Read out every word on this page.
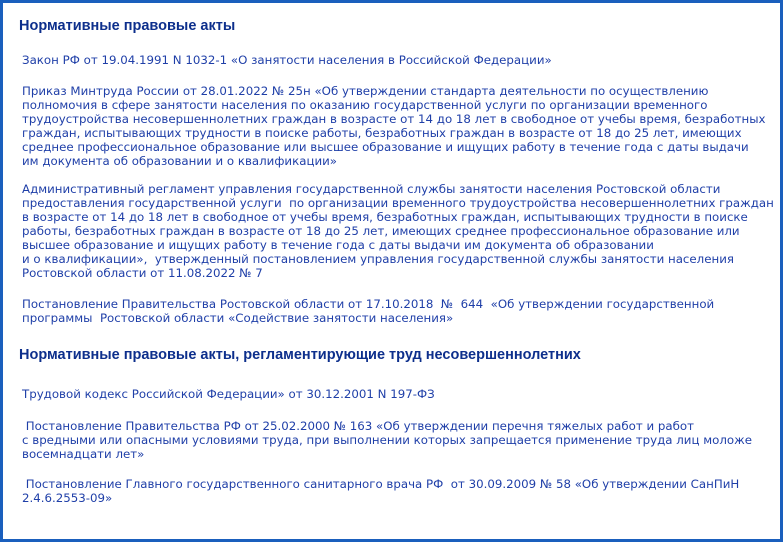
Нормативные правовые акты
Закон РФ от 19.04.1991 N 1032-1 «О занятости населения в Российской Федерации»
Приказ Минтруда России от 28.01.2022 № 25н «Об утверждении стандарта деятельности по осуществлению
полномочия в сфере занятости населения по оказанию государственной услуги по организации временного
трудоустройства несовершеннолетних граждан в возрасте от 14 до 18 лет в свободное от учебы время, безработных
граждан, испытывающих трудности в поиске работы, безработных граждан в возрасте от 18 до 25 лет, имеющих
среднее профессиональное образование или высшее образование и ищущих работу в течение года с даты выдачи
им документа об образовании и о квалификации»
Административный регламент управления государственной службы занятости населения Ростовской области
предоставления государственной услуги  по организации временного трудоустройства несовершеннолетних граждан
в возрасте от 14 до 18 лет в свободное от учебы время, безработных граждан, испытывающих трудности в поиске
работы, безработных граждан в возрасте от 18 до 25 лет, имеющих среднее профессиональное образование или
высшее образование и ищущих работу в течение года с даты выдачи им документа об образовании
и о квалификации»,  утвержденный постановлением управления государственной службы занятости населения
Ростовской области от 11.08.2022 № 7
Постановление Правительства Ростовской области от 17.10.2018  №  644  «Об утверждении государственной
программы  Ростовской области «Содействие занятости населения»
Нормативные правовые акты, регламентирующие труд несовершеннолетних
Трудовой кодекс Российской Федерации» от 30.12.2001 N 197-ФЗ
Постановление Правительства РФ от 25.02.2000 № 163 «Об утверждении перечня тяжелых работ и работ
с вредными или опасными условиями труда, при выполнении которых запрещается применение труда лиц моложе
восемнадцати лет»
Постановление Главного государственного санитарного врача РФ  от 30.09.2009 № 58 «Об утверждении СанПиН
2.4.6.2553-09»
